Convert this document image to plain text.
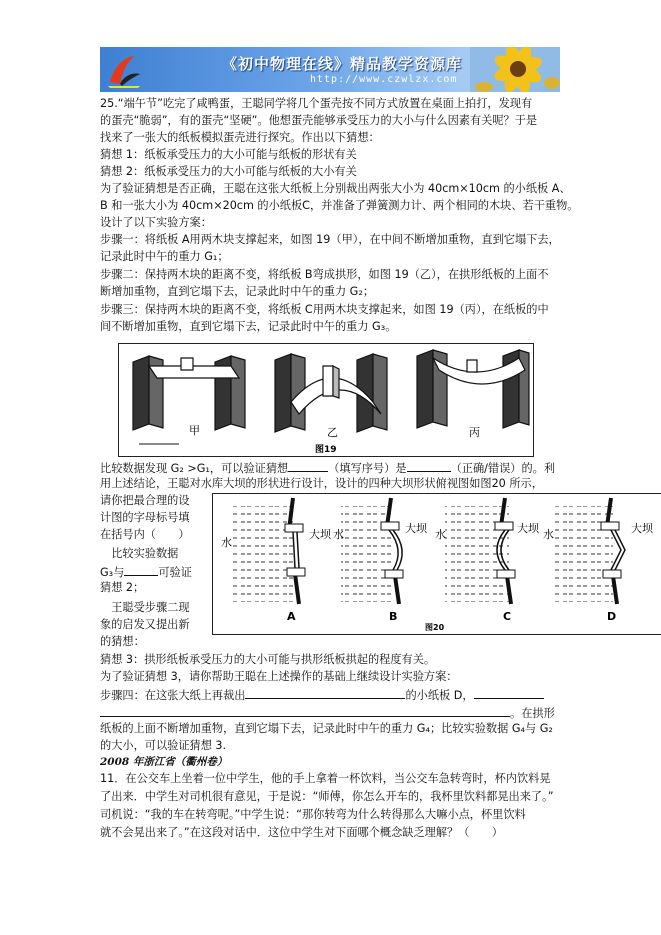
《初中物理在线》精品教学资源库
http://www.czwlzx.com
25.“端午节”吃完了咸鸭蛋，王聪同学将几个蛋壳按不同方式放置在桌面上拍打，发现有
的蛋壳“脆弱”，有的蛋壳“坚硬”。他想蛋壳能够承受压力的大小与什么因素有关呢？于是
找来了一张大的纸板模拟蛋壳进行探究。作出以下猜想：
猜想 1：纸板承受压力的大小可能与纸板的形状有关
猜想 2：纸板承受压力的大小可能与纸板的大小有关
为了验证猜想是否正确，王聪在这张大纸板上分别裁出两张大小为 40cm×10cm 的小纸板 A、
B 和一张大小为 40cm×20cm 的小纸板C，并准备了弹簧测力计、两个相同的木块、若干重物。
设计了以下实验方案：
步骤一：将纸板 A用两木块支撑起来，如图 19（甲），在中间不断增加重物，直到它塌下去，
记录此时中午的重力 G₁；
步骤二：保持两木块的距离不变，将纸板 B弯成拱形，如图 19（乙），在拱形纸板的上面不
断增加重物，直到它塌下去，记录此时中午的重力 G₂；
步骤三：保持两木块的距离不变，将纸板 C用两木块支撑起来，如图 19（丙），在纸板的中
间不断增加重物，直到它塌下去，记录此时中午的重力 G₃。
甲	乙	丙
图19
比较数据发现 G₂ >G₁，可以验证猜想	（填写序号）是	（正确/错误）的。利
用上述结论，王聪对水库大坝的形状进行设计，设计的四种大坝形状俯视图如图20 所示，
请你把最合理的设
计图的字母标号填
在括号内（　　）
　比较实验数据
G₃与	可验证
猜想 2；
　王聪受步骤二现
象的启发又提出新
的猜想：
水
大坝
A
水	大坝
B
水	大坝
C
水	大坝
D
图20
猜想 3：拱形纸板承受压力的大小可能与拱形纸板拱起的程度有关。
为了验证猜想 3，请你帮助王聪在上述操作的基础上继续设计实验方案：
步骤四：在这张大纸上再裁出	的小纸板 D，
。在拱形
纸板的上面不断增加重物，直到它塌下去，记录此时中午的重力 G₄；比较实验数据 G₄与 G₂
的大小，可以验证猜想 3.
2008 年浙江省（衢州卷）
11．在公交车上坐着一位中学生，他的手上拿着一杯饮料，当公交车急转弯时，杯内饮料晃
了出来．中学生对司机很有意见，于是说：“师傅，你怎么开车的，我杯里饮料都晃出来了。”
司机说：“我的车在转弯呢。”中学生说：“那你转弯为什么转得那么大嘛小点，杯里饮料
就不会晃出来了。”在这段对话中．这位中学生对下面哪个概念缺乏理解？（　　）
